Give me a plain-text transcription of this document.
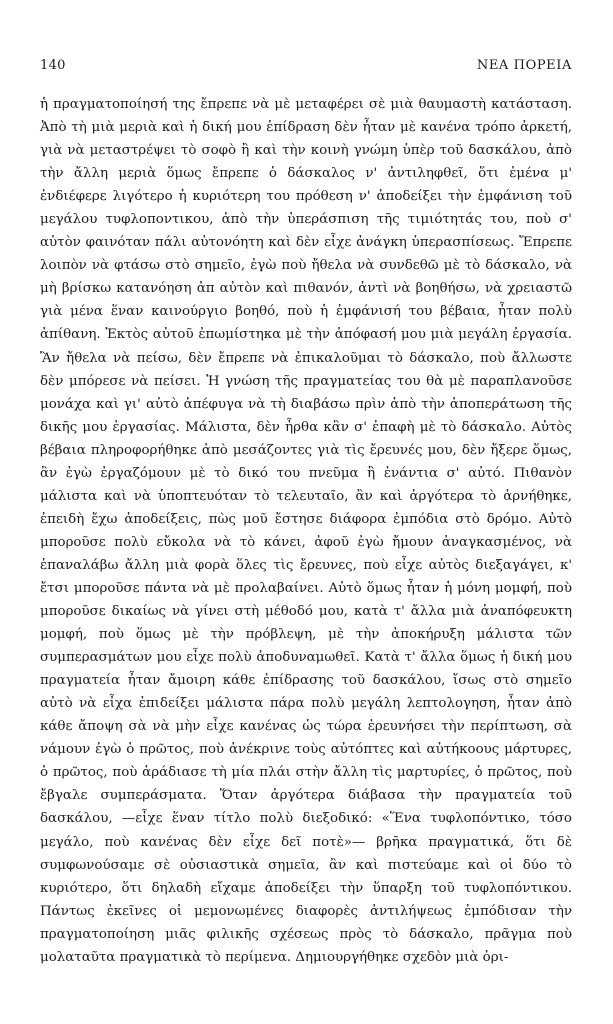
140	ΝΕΑ ΠΟΡΕΙΑ

ἡ πραγματοποίησή της ἔπρεπε νὰ μὲ μεταφέρει σὲ μιὰ θαυμαστὴ κατάσταση. Ἀπὸ τὴ μιὰ μεριὰ καὶ ἡ δική μου ἐπίδραση δὲν ἦταν μὲ κανένα τρόπο ἀρκετή, γιὰ νὰ μεταστρέψει τὸ σοφὸ ἢ καὶ τὴν κοινὴ γνώμη ὑπὲρ τοῦ δασκάλου, ἀπὸ τὴν ἄλλη μεριὰ ὅμως ἔπρεπε ὁ δάσκαλος ν' ἀντιληφθεῖ, ὅτι ἐμένα μ' ἐνδιέφερε λιγότερο ἡ κυριότερη του πρόθεση ν' ἀποδείξει τὴν ἐμφάνιση τοῦ μεγάλου τυφλοποντικου, ἀπὸ τὴν ὑπεράσπιση τῆς τιμιότητάς του, ποὺ σ' αὐτὸν φαινόταν πάλι αὐτονόητη καὶ δὲν εἶχε ἀνάγκη ὑπερασπίσεως. Ἔπρεπε λοιπὸν νὰ φτάσω στὸ σημεῖο, ἐγὼ ποὺ ἤθελα νὰ συνδεθῶ μὲ τὸ δάσκαλο, νὰ μὴ βρίσκω κατανόηση ἀπ αὐτὸν καὶ πιθανόν, ἀντὶ νὰ βοηθήσω, νὰ χρειαστῶ γιὰ μένα ἕναν καινούργιο βοηθό, ποὺ ἡ ἐμφάνισή του βέβαια, ἦταν πολὺ ἀπίθανη. Ἐκτὸς αὐτοῦ ἐπωμίστηκα μὲ τὴν ἀπόφασή μου μιὰ μεγάλη ἐργασία. Ἂν ἤθελα νὰ πείσω, δὲν ἔπρεπε νὰ ἐπικαλοῦμαι τὸ δάσκαλο, ποὺ ἄλλωστε δὲν μπόρεσε νὰ πείσει. Ἡ γνώση τῆς πραγματείας του θὰ μὲ παραπλανοῦσε μονάχα καὶ γι' αὐτὸ ἀπέφυγα νὰ τὴ διαβάσω πρὶν ἀπὸ τὴν ἀποπεράτωση τῆς δικῆς μου ἐργασίας. Μάλιστα, δὲν ἦρθα κἂν σ' ἐπαφὴ μὲ τὸ δάσκαλο. Αὐτὸς βέβαια πληροφορήθηκε ἀπὸ μεσάζοντες γιὰ τὶς ἔρευνές μου, δὲν ἤξερε ὅμως, ἂν ἐγὼ ἐργαζόμουν μὲ τὸ δικό του πνεῦμα ἢ ἐνάντια σ' αὐτό. Πιθανὸν μάλιστα καὶ νὰ ὑποπτευόταν τὸ τελευταῖο, ἂν καὶ ἀργότερα τὸ ἀρνήθηκε, ἐπειδὴ ἔχω ἀποδείξεις, πὼς μοῦ ἔστησε διάφορα ἐμπόδια στὸ δρόμο. Αὐτὸ μποροῦσε πολὺ εὔκολα νὰ τὸ κάνει, ἀφοῦ ἐγὼ ἤμουν ἀναγκασμένος, νὰ ἐπαναλάβω ἄλλη μιὰ φορὰ ὅλες τὶς ἔρευνες, ποὺ εἶχε αὐτὸς διεξαγάγει, κ' ἔτσι μποροῦσε πάντα νὰ μὲ προλαβαίνει. Αὐτὸ ὅμως ἦταν ἡ μόνη μομφή, ποὺ μποροῦσε δικαίως νὰ γίνει στὴ μέθοδό μου, κατὰ τ' ἄλλα μιὰ ἀναπόφευκτη μομφή, ποὺ ὅμως μὲ τὴν πρόβλεψη, μὲ τὴν ἀποκήρυξη μάλιστα τῶν συμπερασμάτων μου εἶχε πολὺ ἀποδυναμωθεῖ. Κατὰ τ' ἄλλα ὅμως ἡ δική μου πραγματεία ἦταν ἄμοιρη κάθε ἐπίδρασης τοῦ δασκάλου, ἴσως στὸ σημεῖο αὐτὸ νὰ εἶχα ἐπιδείξει μάλιστα πάρα πολὺ μεγάλη λεπτολογηση, ἦταν ἀπὸ κάθε ἄποψη σὰ νὰ μὴν εἶχε κανένας ὡς τώρα ἐρευνήσει τὴν περίπτωση, σὰ νάμουν ἐγὼ ὁ πρῶτος, ποὺ ἀνέκρινε τοὺς αὐτόπτες καὶ αὐτήκοους μάρτυρες, ὁ πρῶτος, ποὺ ἀράδιασε τὴ μία πλάι στὴν ἄλλη τὶς μαρτυρίες, ὁ πρῶτος, ποὺ ἔβγαλε συμπεράσματα. Ὅταν ἀργότερα διάβασα τὴν πραγματεία τοῦ δασκάλου, —εἶχε ἕναν τίτλο πολὺ διεξοδικό: «Ἕνα τυφλοπόντικο, τόσο μεγάλο, ποὺ κανένας δὲν εἶχε δεῖ ποτὲ»— βρῆκα πραγματικά, ὅτι δὲ συμφωνούσαμε σὲ οὐσιαστικὰ σημεῖα, ἂν καὶ πιστεύαμε καὶ οἱ δύο τὸ κυριότερο, ὅτι δηλαδὴ εἴχαμε ἀποδείξει τὴν ὕπαρξη τοῦ τυφλοπόντικου. Πάντως ἐκεῖνες οἱ μεμονωμένες διαφορὲς ἀντιλήψεως ἐμπόδισαν τὴν πραγματοποίηση μιᾶς φιλικῆς σχέσεως πρὸς τὸ δάσκαλο, πρᾶγμα ποὺ μολαταῦτα πραγματικὰ τὸ περίμενα. Δημιουργήθηκε σχεδὸν μιὰ ὁρι-
